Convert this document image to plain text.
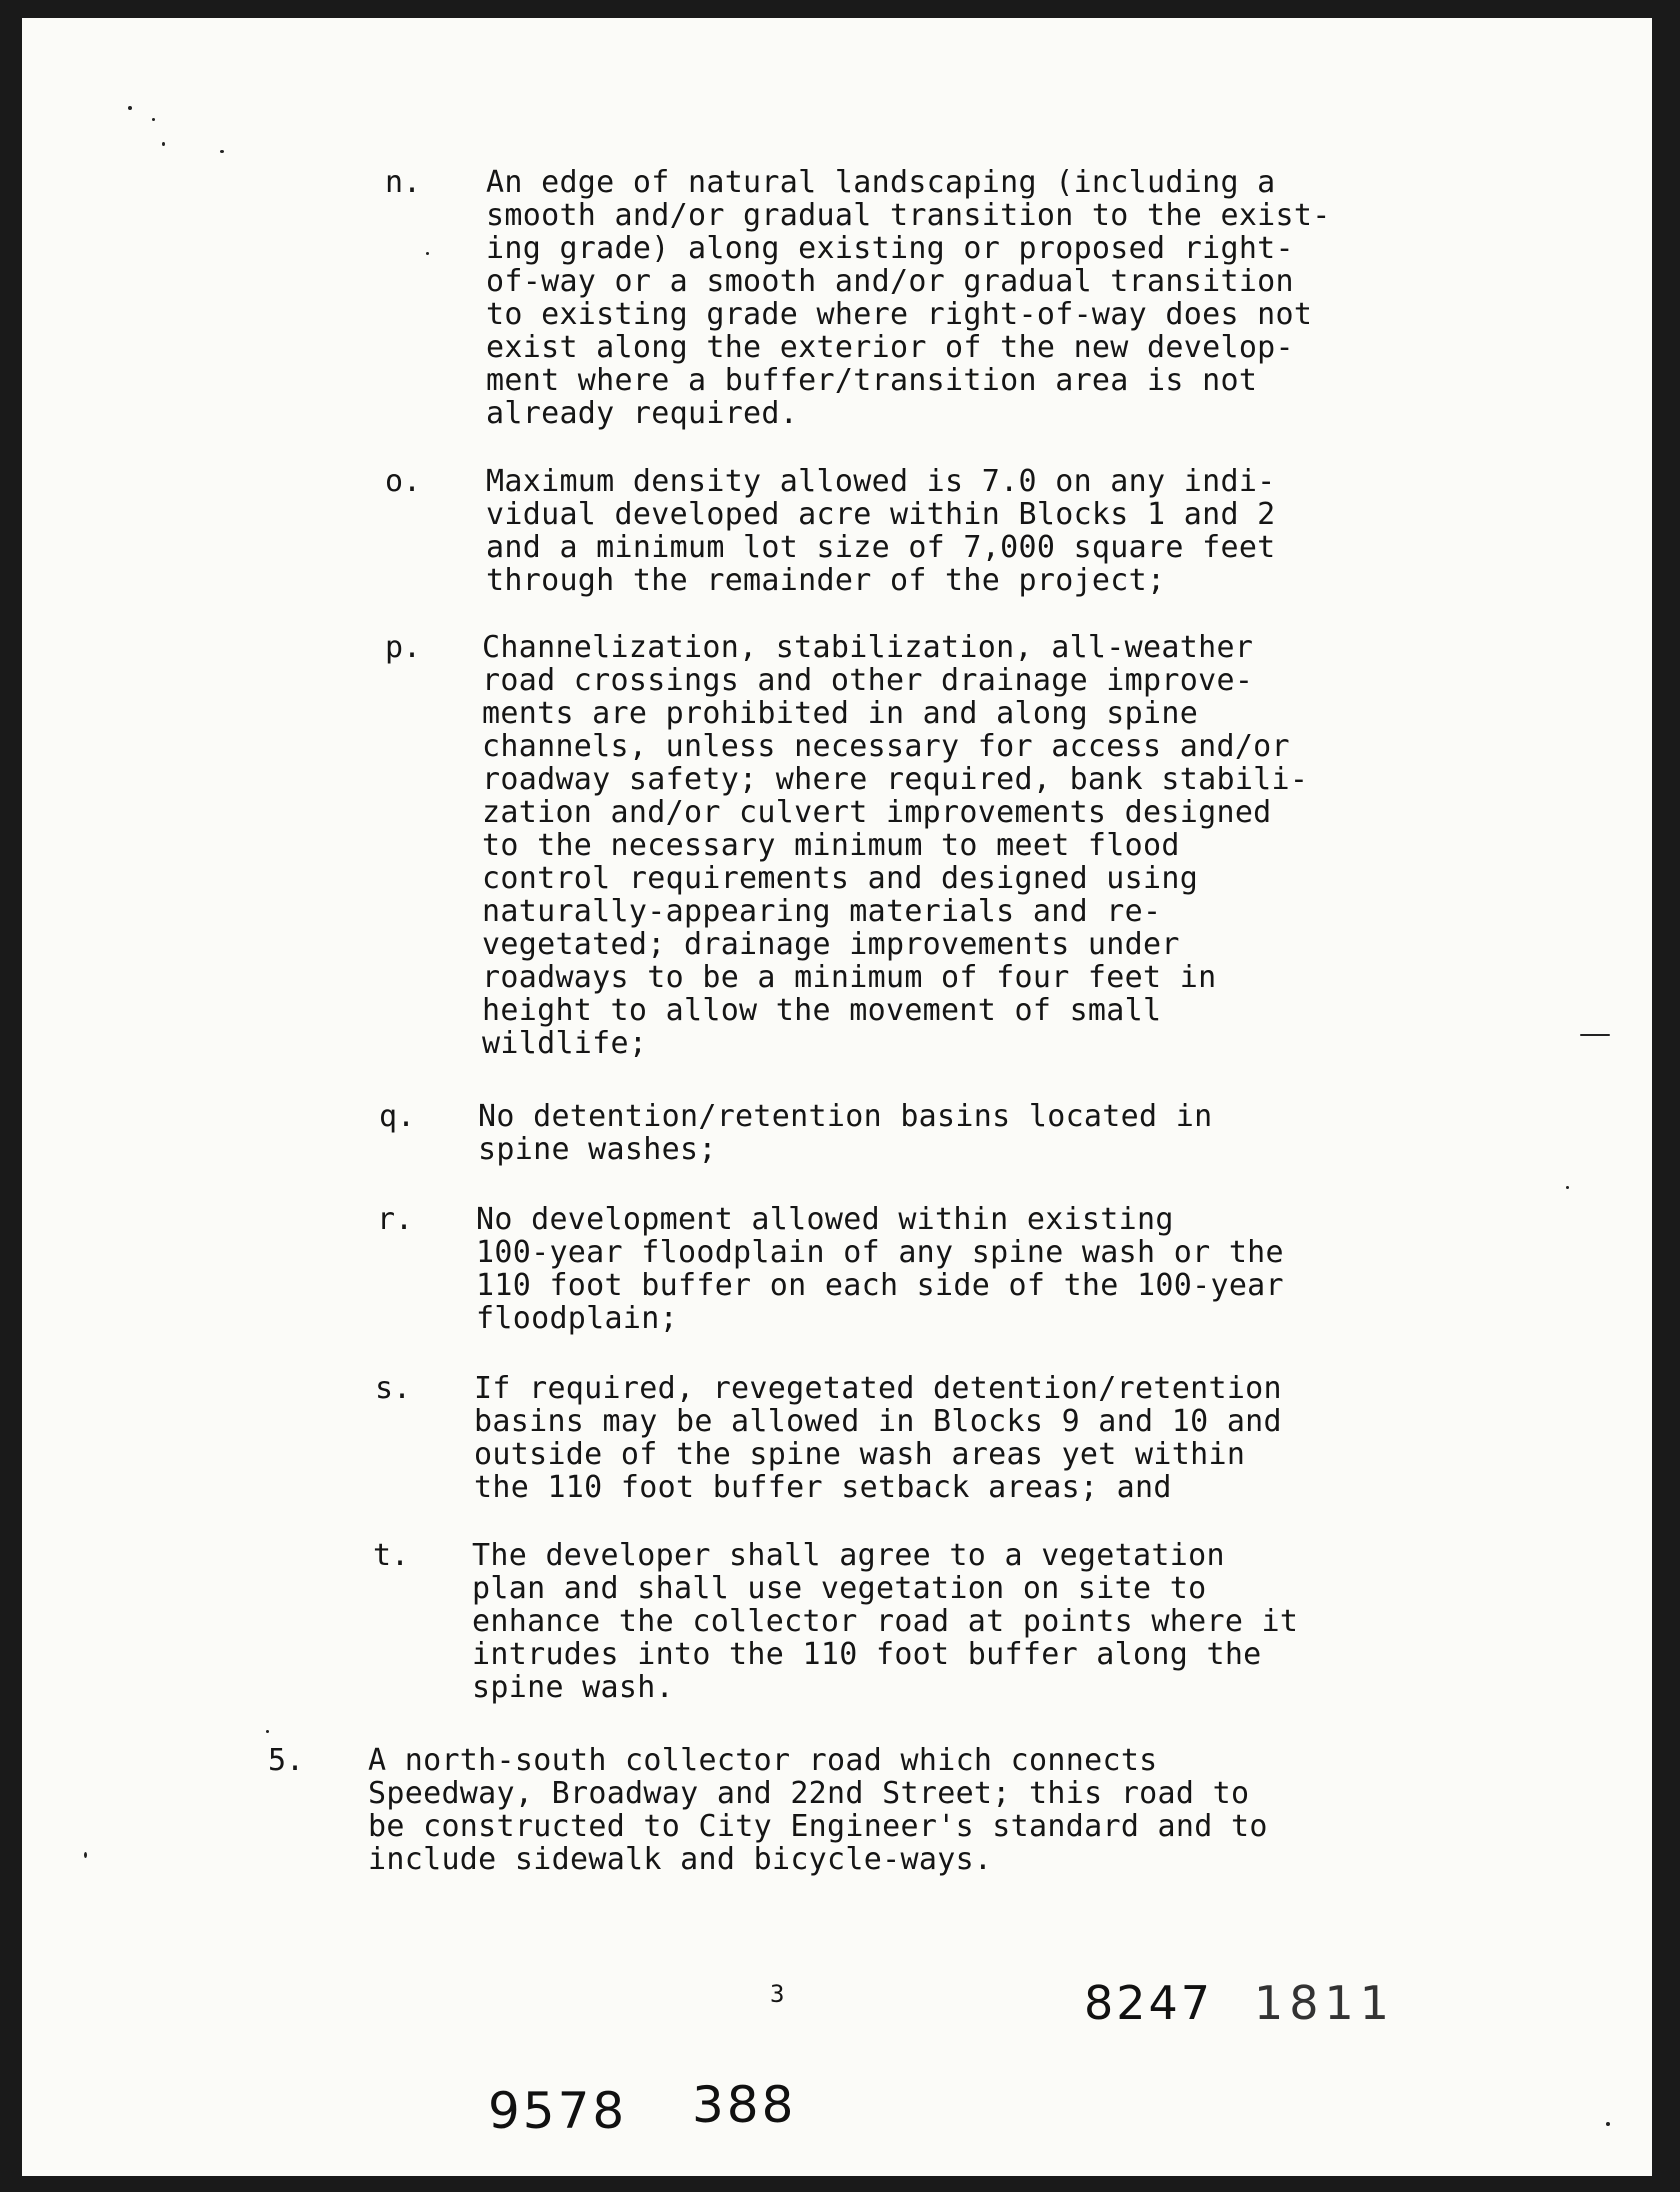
n. An edge of natural landscaping (including a
smooth and/or gradual transition to the exist-
ing grade) along existing or proposed right-
of-way or a smooth and/or gradual transition
to existing grade where right-of-way does not
exist along the exterior of the new develop-
ment where a buffer/transition area is not
already required.
o. Maximum density allowed is 7.0 on any indi-
vidual developed acre within Blocks 1 and 2
and a minimum lot size of 7,000 square feet
through the remainder of the project;
p. Channelization, stabilization, all-weather
road crossings and other drainage improve-
ments are prohibited in and along spine
channels, unless necessary for access and/or
roadway safety; where required, bank stabili-
zation and/or culvert improvements designed
to the necessary minimum to meet flood
control requirements and designed using
naturally-appearing materials and re-
vegetated; drainage improvements under
roadways to be a minimum of four feet in
height to allow the movement of small
wildlife;
q. No detention/retention basins located in
spine washes;
r. No development allowed within existing
100-year floodplain of any spine wash or the
110 foot buffer on each side of the 100-year
floodplain;
s. If required, revegetated detention/retention
basins may be allowed in Blocks 9 and 10 and
outside of the spine wash areas yet within
the 110 foot buffer setback areas; and
t. The developer shall agree to a vegetation
plan and shall use vegetation on site to
enhance the collector road at points where it
intrudes into the 110 foot buffer along the
spine wash.
5. A north-south collector road which connects
Speedway, Broadway and 22nd Street; this road to
be constructed to City Engineer's standard and to
include sidewalk and bicycle-ways.
3	8247 1811
9578 388
